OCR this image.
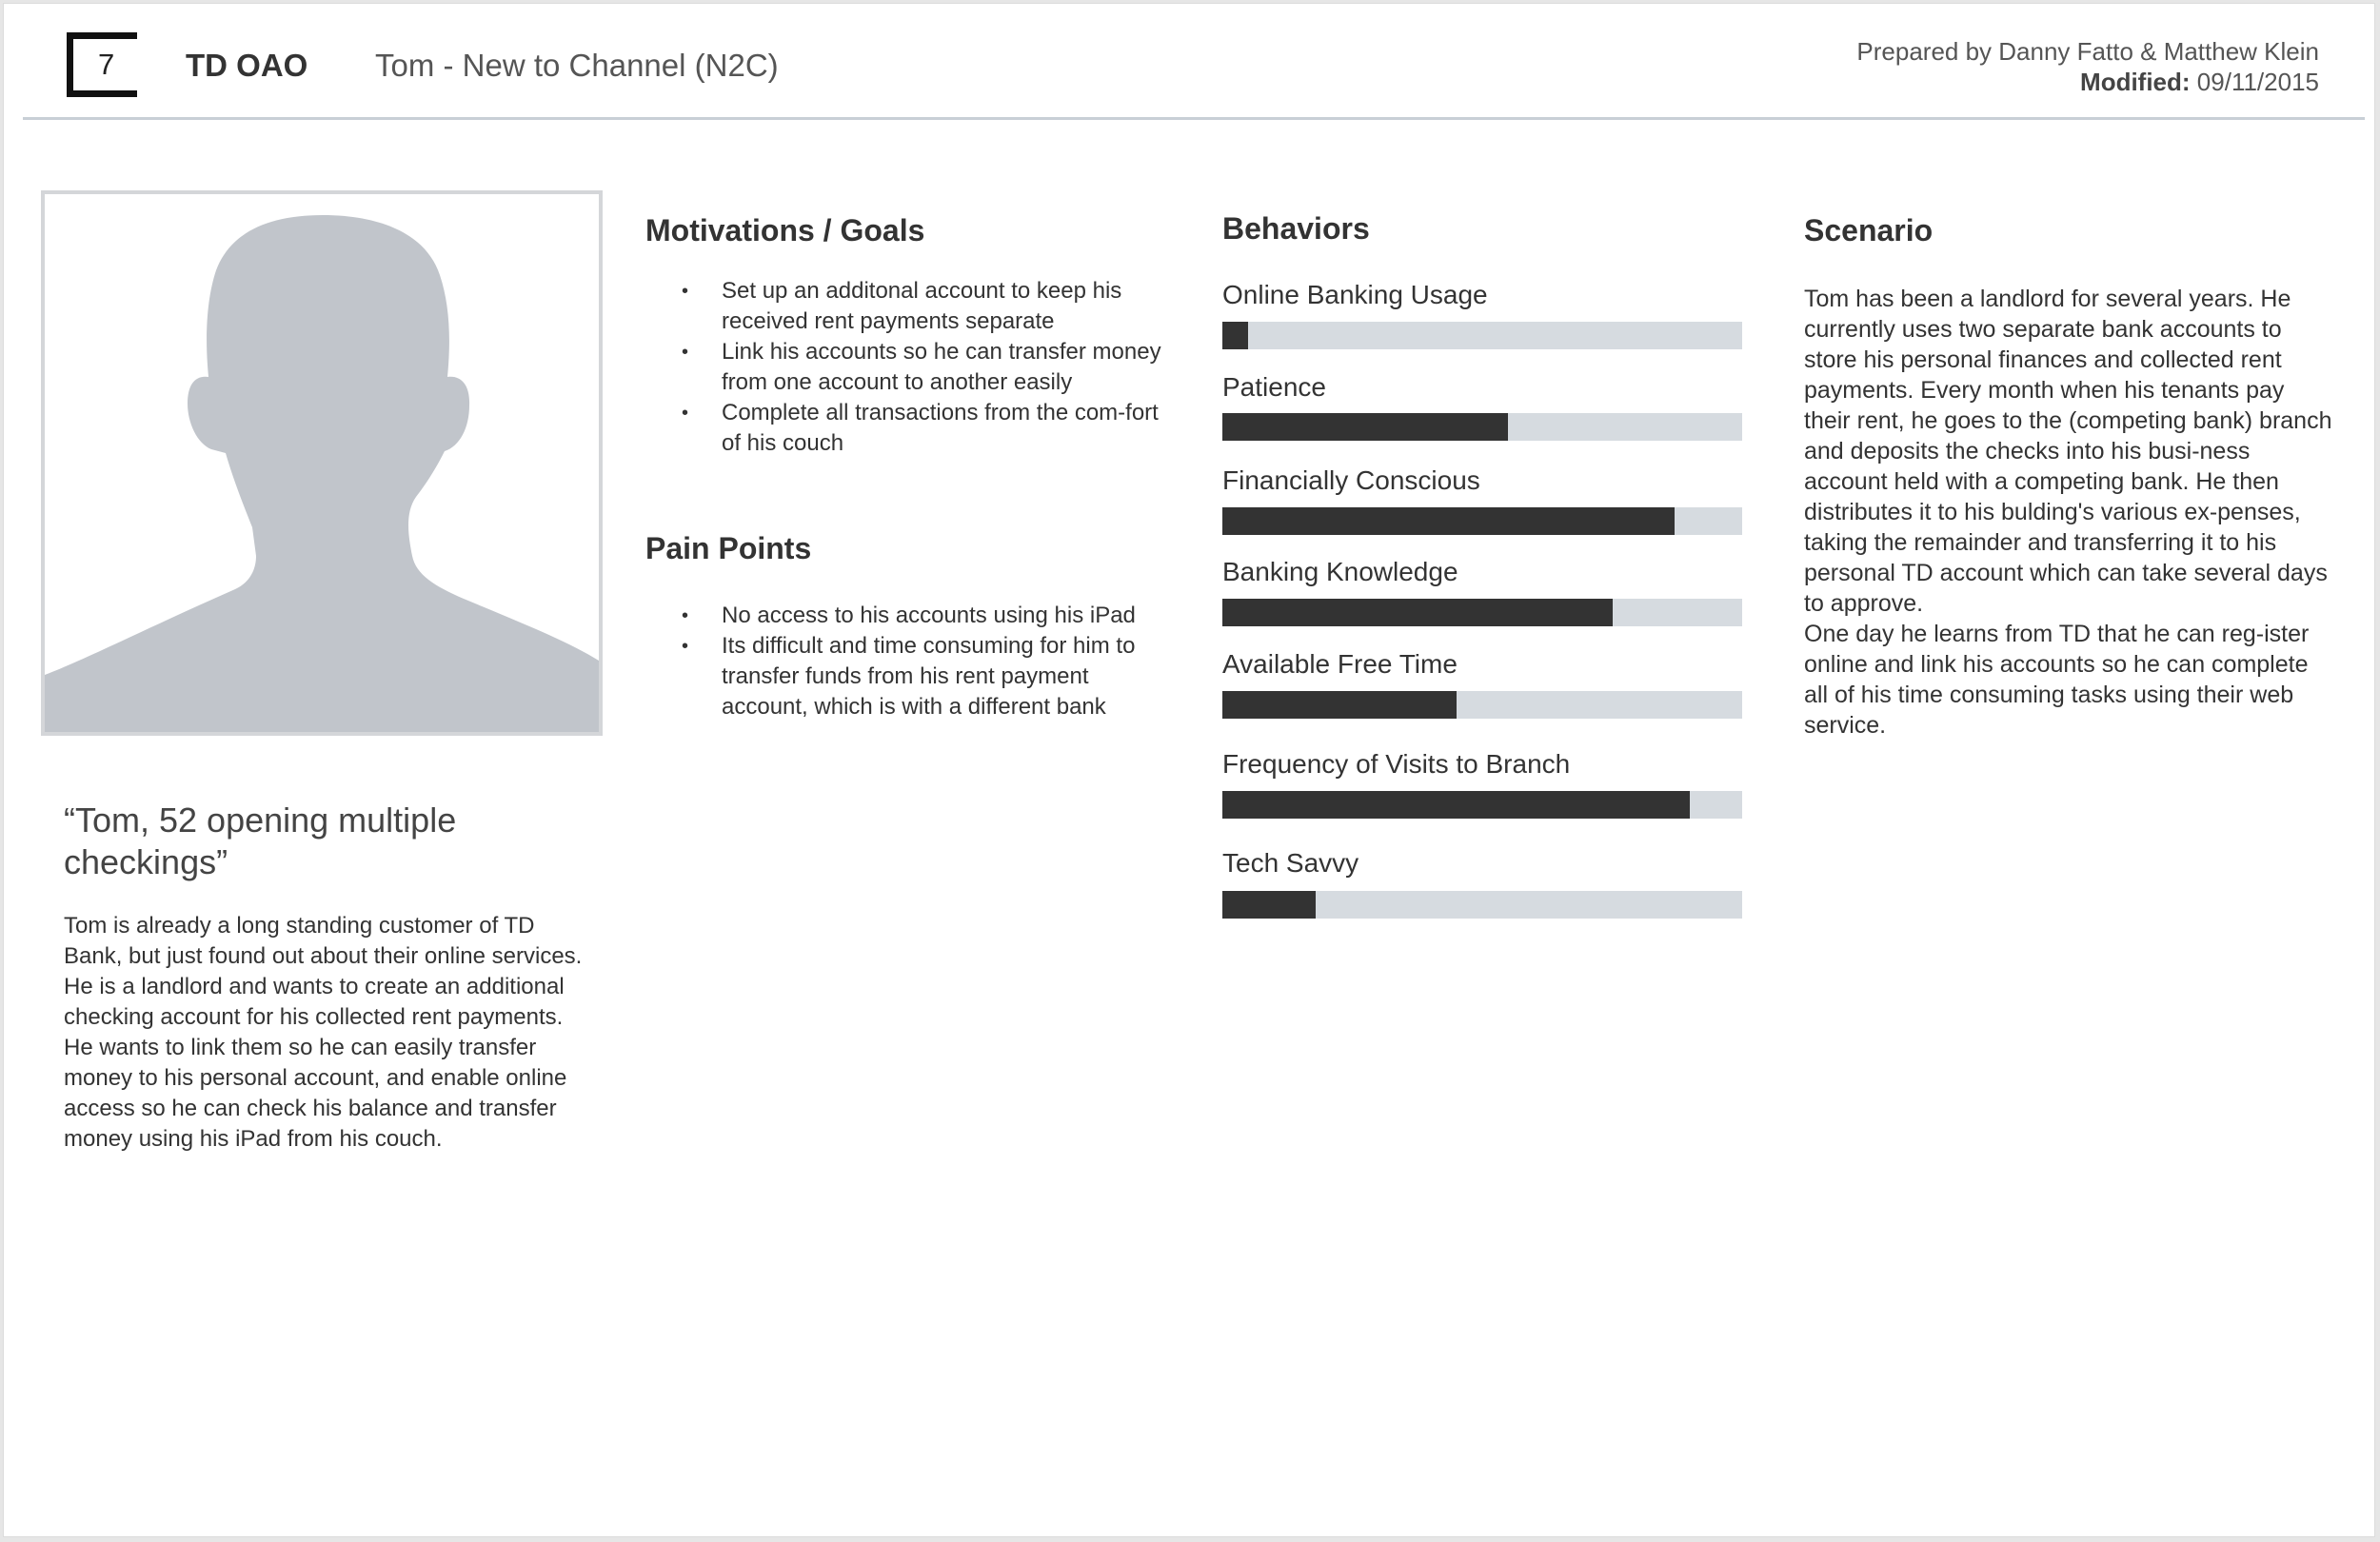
7	TD OAO Tom - New to Channel (N2C)	Prepared by Danny Fatto & Matthew Klein
Modified: 09/11/2015
“Tom, 52 opening multiple checkings”
Tom is already a long standing customer of TD Bank, but just found out about their online services. He is a landlord and wants to create an additional checking account for his collected rent payments. He wants to link them so he can easily transfer money to his personal account, and enable online access so he can check his balance and transfer money using his iPad from his couch.
Motivations / Goals
• Set up an additonal account to keep his received rent payments separate
• Link his accounts so he can transfer money from one account to another easily
• Complete all transactions from the com-fort of his couch
Pain Points
• No access to his accounts using his iPad
• Its difficult and time consuming for him to transfer funds from his rent payment account, which is with a different bank
Behaviors
Online Banking Usage
Patience
Financially Conscious
Banking Knowledge
Available Free Time
Frequency of Visits to Branch
Tech Savvy
Scenario

Tom has been a landlord for several years. He currently uses two separate bank accounts to store his personal finances and collected rent payments. Every month when his tenants pay their rent, he goes to the (competing bank) branch and deposits the checks into his busi-ness account held with a competing bank. He then distributes it to his bulding's various ex-penses, taking the remainder and transferring it to his personal TD account which can take several days to approve.

One day he learns from TD that he can reg-ister online and link his accounts so he can complete all of his time consuming tasks using their web service.
